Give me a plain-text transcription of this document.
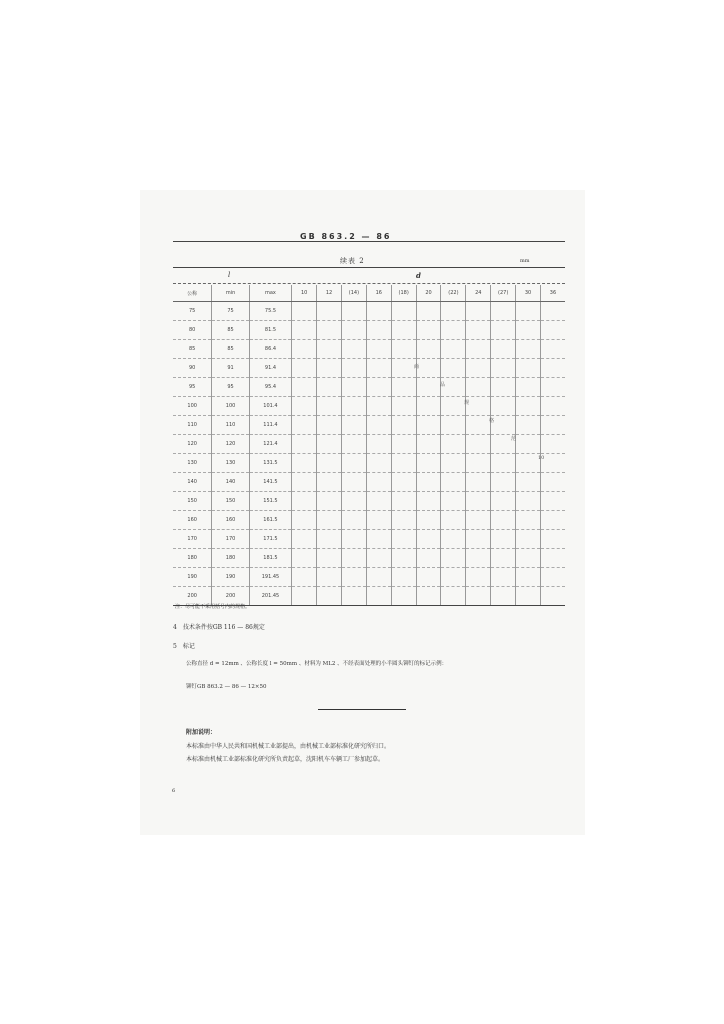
GB 863.2 — 86
续表 2	mm
l	d
公称	min	max	10	12	(14)	16	(18)	20	(22)	24	(27)	30	36
75	75	75.5											
80	85	81.5											
85	85	86.4											
90	91	91.4											
95	95	95.4											
100	100	101.4											
110	110	111.4											
120	120	121.4											
130	130	131.5											
140	140	141.5											
150	150	151.5											
160	160	161.5											
170	170	171.5											
180	180	181.5											
190	190	191.45											
200	200	201.45											
商
品
规
格
范
10
注：尽可能不采用括号内的规格。
4　技术条件按GB 116 — 86规定
5　标记
公称直径 d = 12mm 、公称长度 l = 50mm 、材料为 ML2 、不经表面处理的小半圆头铆钉的标记示例：
铆钉GB 863.2 — 86 — 12×50
附加说明：
本标准由中华人民共和国机械工业部提出，由机械工业部标准化研究所归口。
本标准由机械工业部标准化研究所负责起草，沈阳机车车辆工厂参加起草。
6
